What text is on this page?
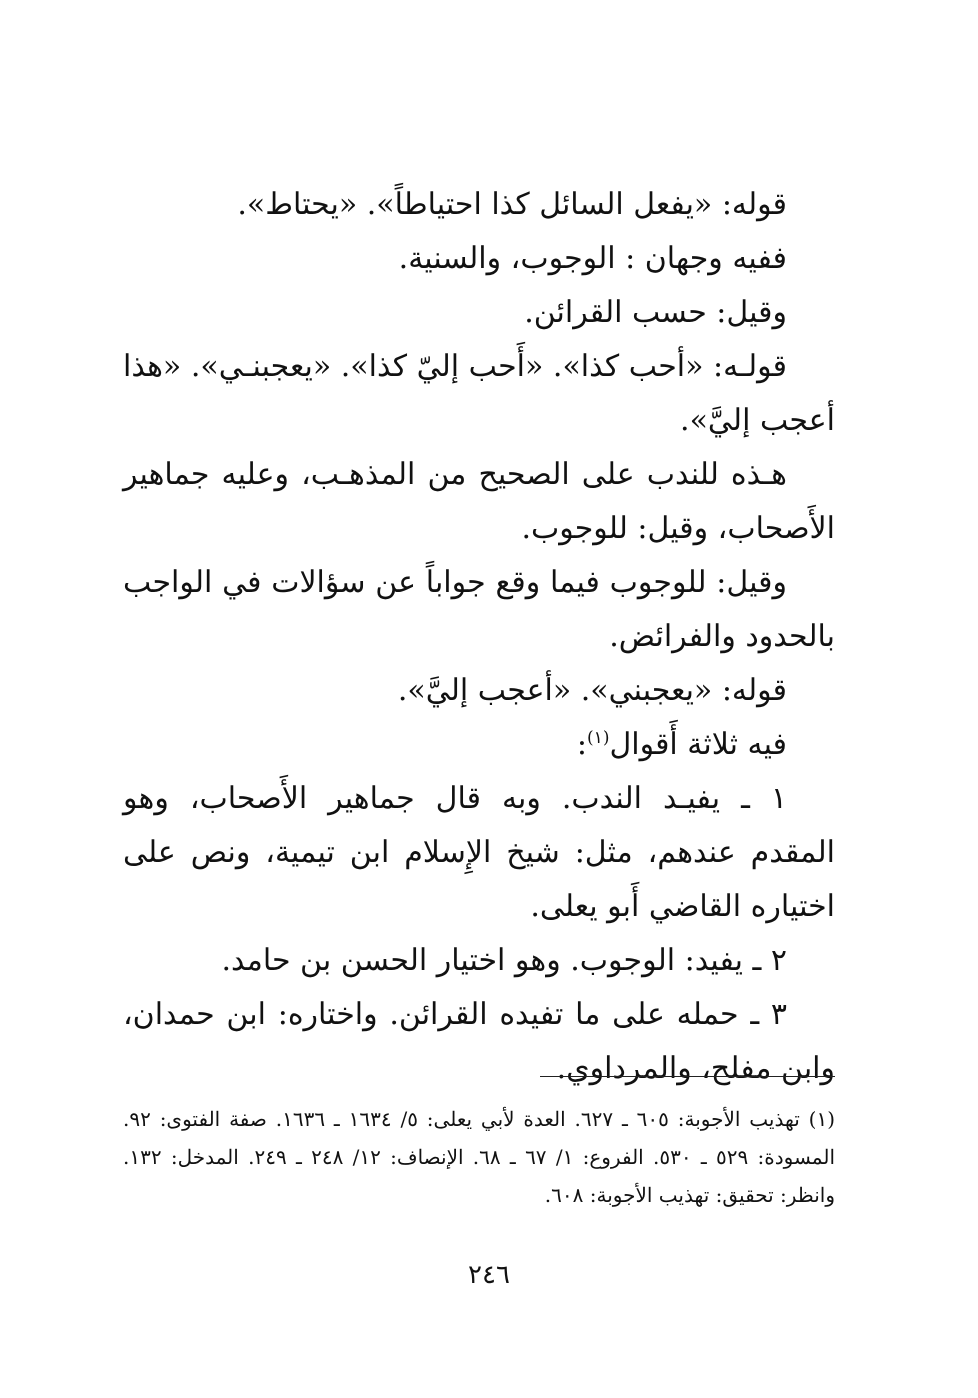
قوله: «يفعل السائل كذا احتياطاً». «يحتاط».

ففيه وجهان : الوجوب، والسنية.

وقيل: حسب القرائن.

قولـه: «أحب كذا». «أَحب إليّ كذا». «يعجبنـي». «هذا أعجب إليَّ».

هـذه للندب على الصحيح من المذهـب، وعليه جماهير الأَصحاب، وقيل: للوجوب.

وقيل: للوجوب فيما وقع جواباً عن سؤالات في الواجب بالحدود والفرائض.

قوله: «يعجبني». «أعجب إليَّ».

فيه ثلاثة أَقوال$^{(١)}$:

١ ـ يفيـد الندب. وبه قال جماهير الأَصحاب، وهو المقدم عندهم، مثل: شيخ الإِسلام ابن تيمية، ونص على اختياره القاضي أَبو يعلى.

٢ ـ يفيد: الوجوب. وهو اختيار الحسن بن حامد.

٣ ـ حمله على ما تفيده القرائن. واختاره: ابن حمدان، وابن مفلح، والمرداوي.

(١) تهذيب الأجوبة: ٦٠٥ ـ ٦٢٧. العدة لأبي يعلى: ٥/ ١٦٣٤ ـ ١٦٣٦. صفة الفتوى: ٩٢. المسودة: ٥٢٩ ـ ٥٣٠. الفروع: ١/ ٦٧ ـ ٦٨. الإنصاف: ١٢/ ٢٤٨ ـ ٢٤٩. المدخل: ١٣٢. وانظر: تحقيق: تهذيب الأجوبة: ٦٠٨.

٢٤٦
